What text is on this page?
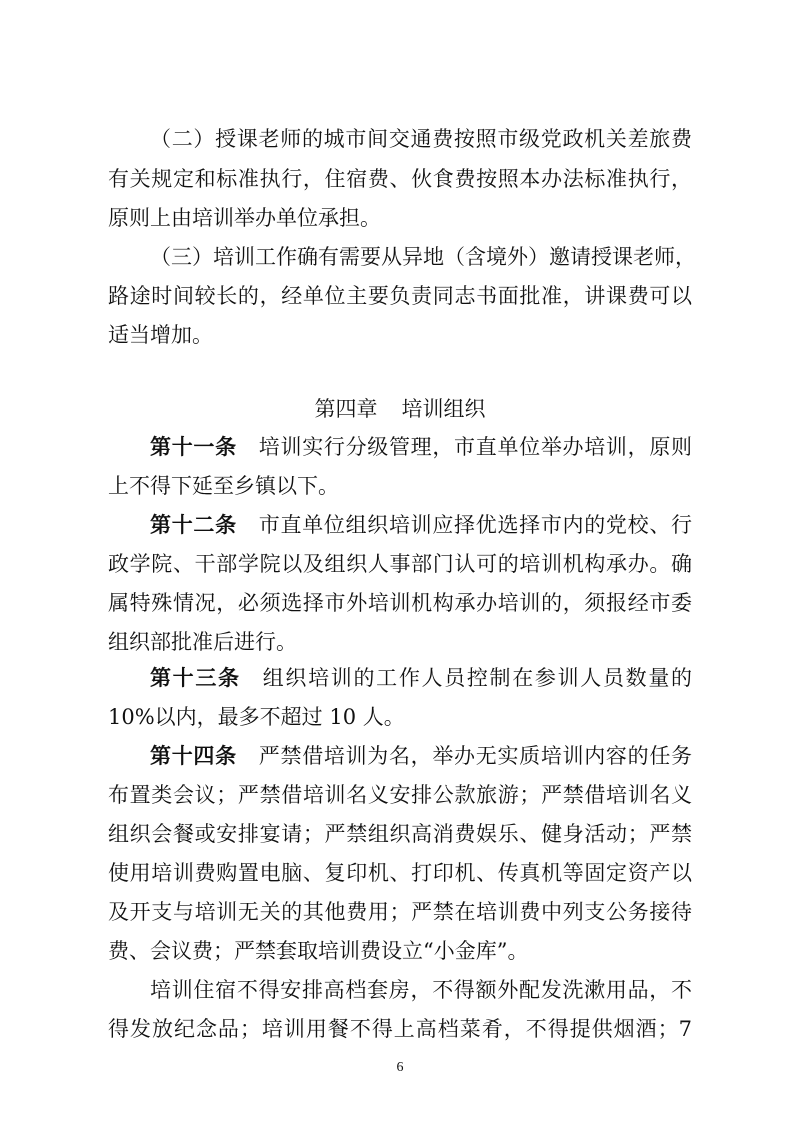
（二）授课老师的城市间交通费按照市级党政机关差旅费
有关规定和标准执行，住宿费、伙食费按照本办法标准执行，
原则上由培训举办单位承担。
（三）培训工作确有需要从异地（含境外）邀请授课老师，
路途时间较长的，经单位主要负责同志书面批准，讲课费可以
适当增加。
第四章 培训组织
第十一条 培训实行分级管理，市直单位举办培训，原则
上不得下延至乡镇以下。
第十二条 市直单位组织培训应择优选择市内的党校、行
政学院、干部学院以及组织人事部门认可的培训机构承办。确
属特殊情况，必须选择市外培训机构承办培训的，须报经市委
组织部批准后进行。
第十三条 组织培训的工作人员控制在参训人员数量的
10%以内，最多不超过 10 人。
第十四条 严禁借培训为名，举办无实质培训内容的任务
布置类会议；严禁借培训名义安排公款旅游；严禁借培训名义
组织会餐或安排宴请；严禁组织高消费娱乐、健身活动；严禁
使用培训费购置电脑、复印机、打印机、传真机等固定资产以
及开支与培训无关的其他费用；严禁在培训费中列支公务接待
费、会议费；严禁套取培训费设立“小金库”。
培训住宿不得安排高档套房，不得额外配发洗漱用品，不
得发放纪念品；培训用餐不得上高档菜肴，不得提供烟酒；7
6
